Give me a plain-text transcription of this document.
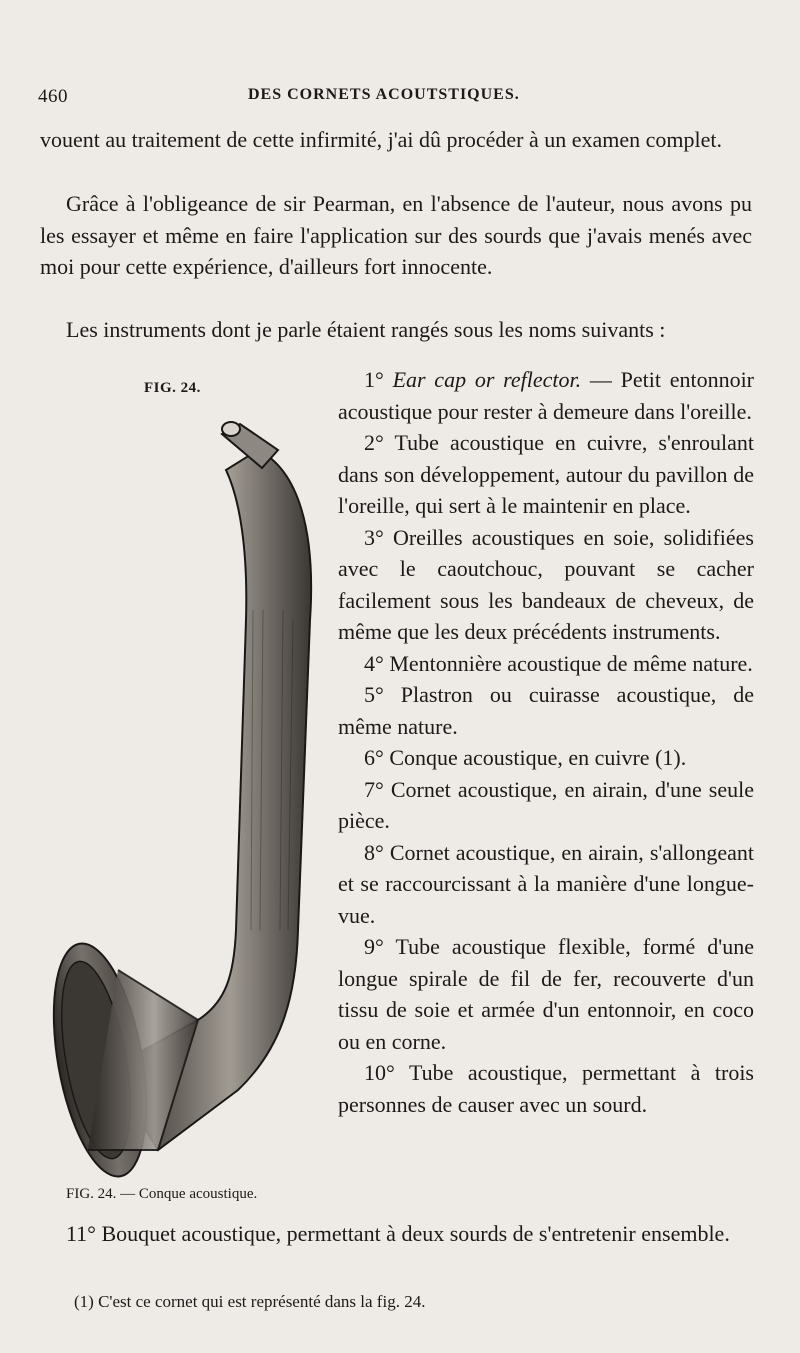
460	DES CORNETS ACOUTSTIQUES.

vouent au traitement de cette infirmité, j'ai dû procéder à un examen complet.

Grâce à l'obligeance de sir Pearman, en l'absence de l'auteur, nous avons pu les essayer et même en faire l'application sur des sourds que j'avais menés avec moi pour cette expérience, d'ailleurs fort innocente.

Les instruments dont je parle étaient rangés sous les noms suivants :

FIG. 24.
FIG. 24. — Conque acoustique.

1° Ear cap or reflector. — Petit entonnoir acoustique pour rester à demeure dans l'oreille.

2° Tube acoustique en cuivre, s'enroulant dans son développement, autour du pavillon de l'oreille, qui sert à le maintenir en place.

3° Oreilles acoustiques en soie, solidifiées avec le caoutchouc, pouvant se cacher facilement sous les bandeaux de cheveux, de même que les deux précédents instruments.

4° Mentonnière acoustique de même nature.

5° Plastron ou cuirasse acoustique, de même nature.

6° Conque acoustique, en cuivre (1).

7° Cornet acoustique, en airain, d'une seule pièce.

8° Cornet acoustique, en airain, s'allongeant et se raccourcissant à la manière d'une longue-vue.

9° Tube acoustique flexible, formé d'une longue spirale de fil de fer, recouverte d'un tissu de soie et armée d'un entonnoir, en coco ou en corne.

10° Tube acoustique, permettant à trois personnes de causer avec un sourd.

11° Bouquet acoustique, permettant à deux sourds de s'entretenir ensemble.

(1) C'est ce cornet qui est représenté dans la fig. 24.
